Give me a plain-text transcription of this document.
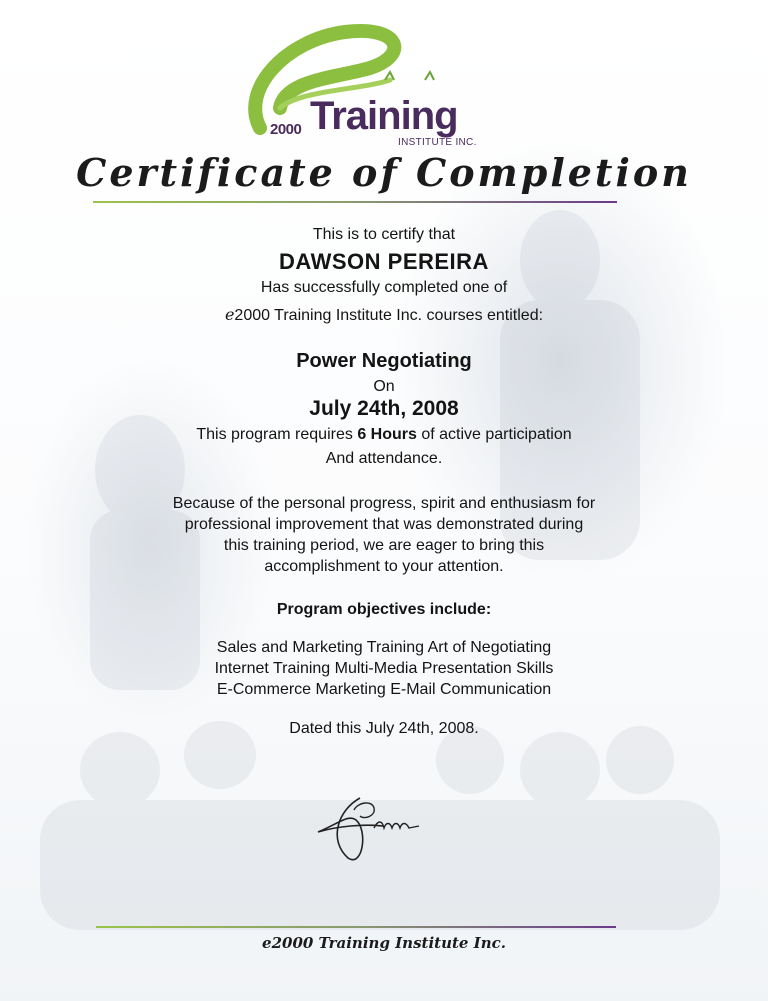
2000 Training
INSTITUTE INC.
Certificate of Completion
This is to certify that
DAWSON PEREIRA
Has successfully completed one of
e2000 Training Institute Inc. courses entitled:
Power Negotiating
On
July 24th, 2008
This program requires 6 Hours of active participation
And attendance.
Because of the personal progress, spirit and enthusiasm for
professional improvement that was demonstrated during
this training period, we are eager to bring this
accomplishment to your attention.
Program objectives include:
Sales and Marketing Training Art of Negotiating
Internet Training Multi-Media Presentation Skills
E-Commerce Marketing E-Mail Communication
Dated this July 24th, 2008.
e2000 Training Institute Inc.
